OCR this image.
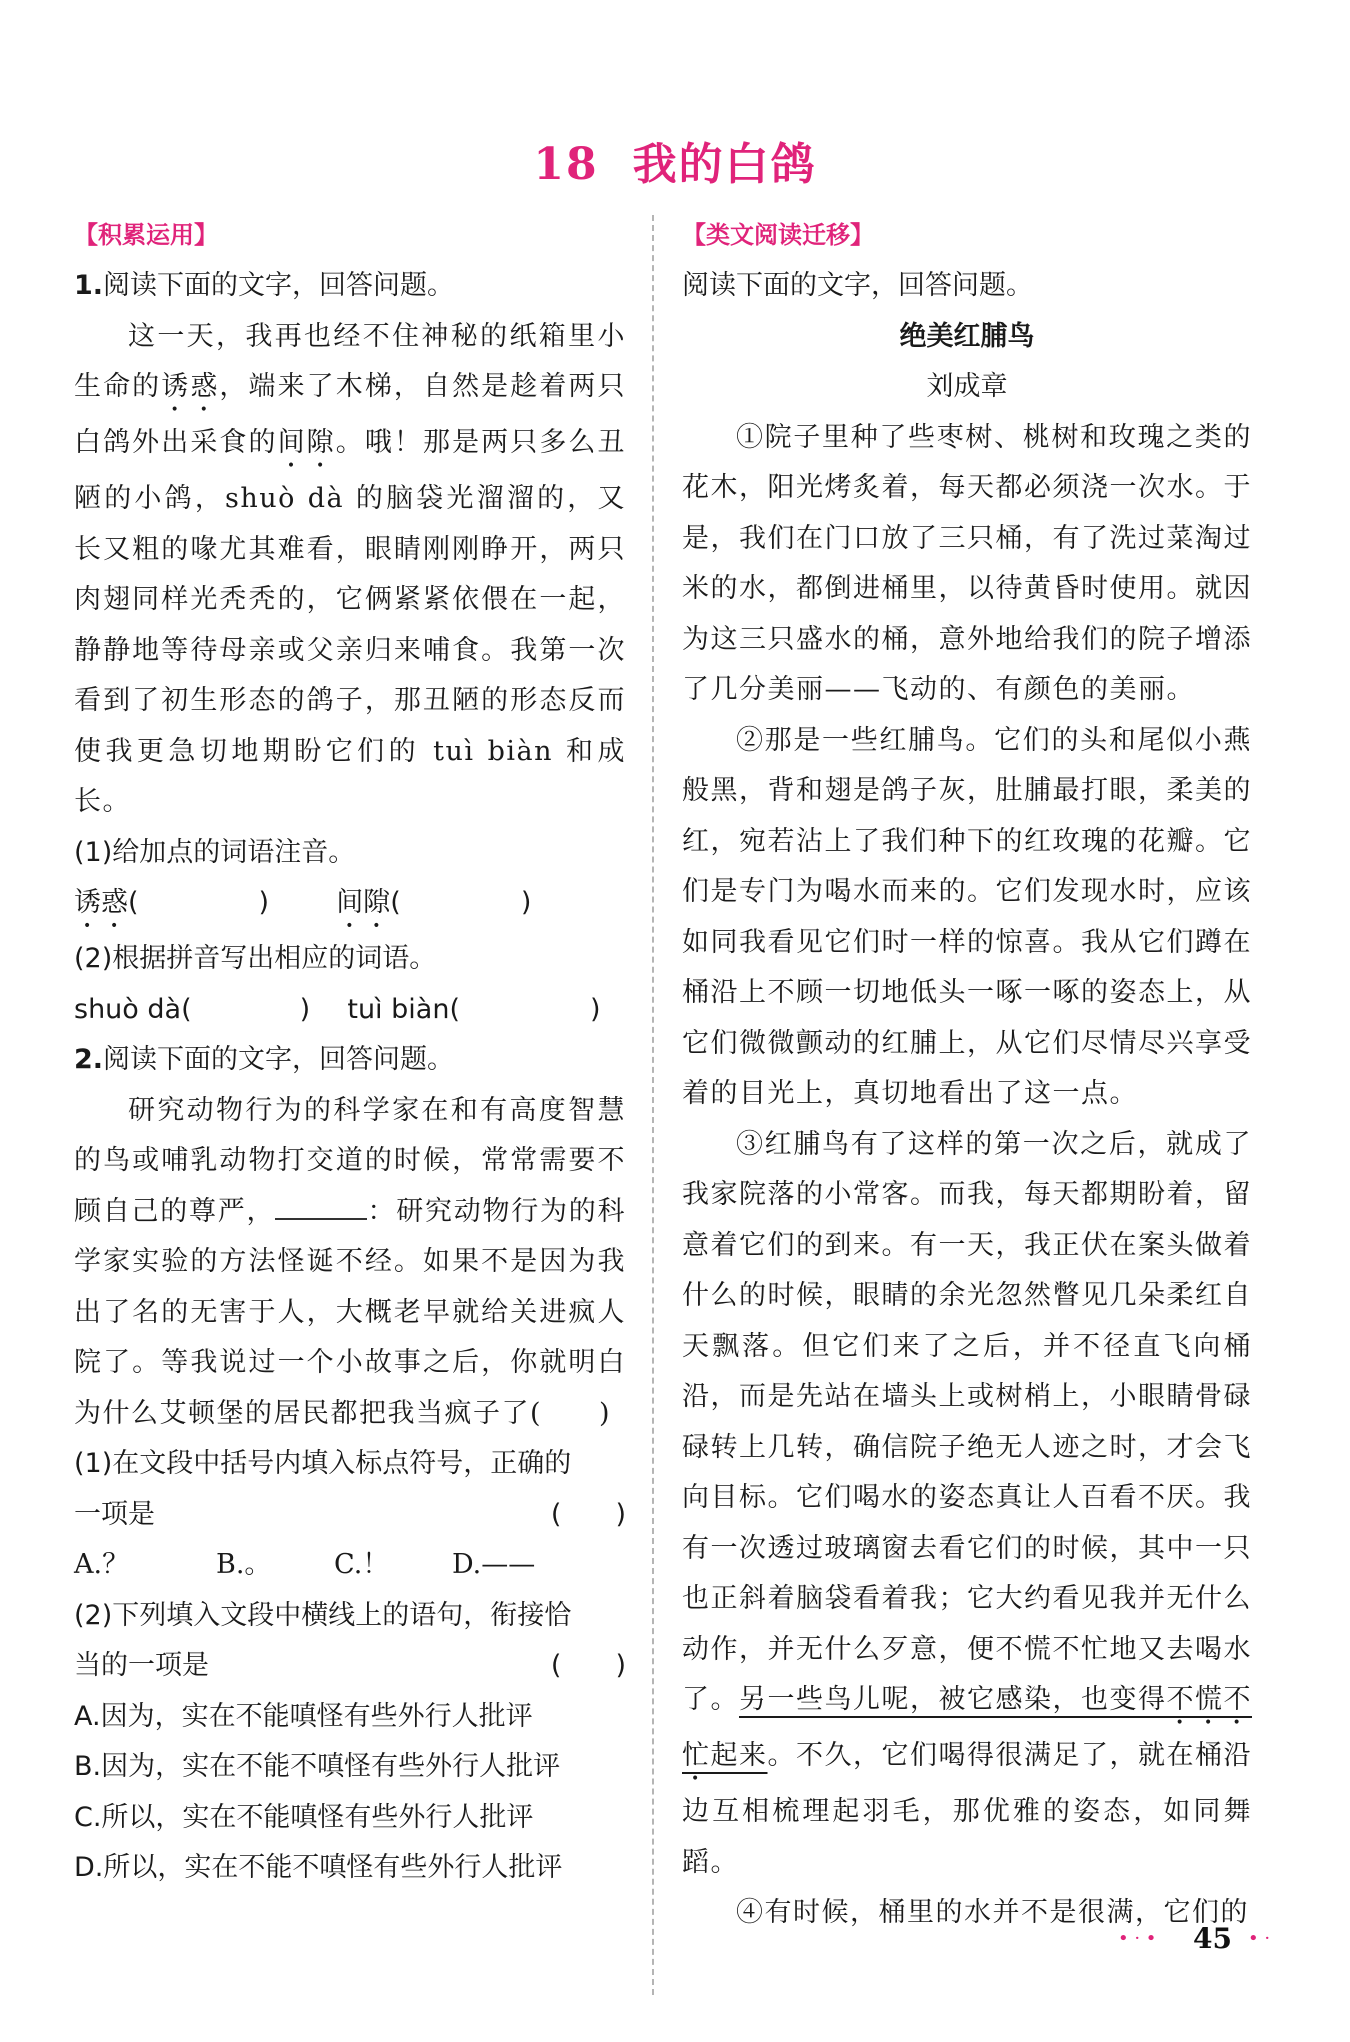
18 我的白鸽
【积累运用】

1.阅读下面的文字，回答问题。

这一天，我再也经不住神秘的纸箱里小生命的诱惑，端来了木梯，自然是趁着两只白鸽外出采食的间隙。哦！那是两只多么丑陋的小鸽，shuò dà 的脑袋光溜溜的，又长又粗的喙尤其难看，眼睛刚刚睁开，两只肉翅同样光秃秃的，它俩紧紧依偎在一起，静静地等待母亲或父亲归来哺食。我第一次看到了初生形态的鸽子，那丑陋的形态反而使我更急切地期盼它们的 tuì biàn 和成长。

(1)给加点的词语注音。

诱惑(	) 间隙(	)

(2)根据拼音写出相应的词语。

shuò dà(	) tuì biàn(	)

2.阅读下面的文字，回答问题。

研究动物行为的科学家在和有高度智慧的鸟或哺乳动物打交道的时候，常常需要不顾自己的尊严，	：研究动物行为的科学家实验的方法怪诞不经。如果不是因为我出了名的无害于人，大概老早就给关进疯人院了。等我说过一个小故事之后，你就明白为什么艾顿堡的居民都把我当疯子了(　　)

(1)在文段中括号内填入标点符号，正确的

一项是	(　　)
A.？	B.。 C.！ D.——

(2)下列填入文段中横线上的语句，衔接恰

当的一项是	(　　)

A.因为，实在不能嗔怪有些外行人批评

B.因为，实在不能不嗔怪有些外行人批评

C.所以，实在不能嗔怪有些外行人批评

D.所以，实在不能不嗔怪有些外行人批评

【类文阅读迁移】

阅读下面的文字，回答问题。

绝美红脯鸟

刘成章

①院子里种了些枣树、桃树和玫瑰之类的花木，阳光烤炙着，每天都必须浇一次水。于是，我们在门口放了三只桶，有了洗过菜淘过米的水，都倒进桶里，以待黄昏时使用。就因为这三只盛水的桶，意外地给我们的院子增添了几分美丽——飞动的、有颜色的美丽。

②那是一些红脯鸟。它们的头和尾似小燕般黑，背和翅是鸽子灰，肚脯最打眼，柔美的红，宛若沾上了我们种下的红玫瑰的花瓣。它们是专门为喝水而来的。它们发现水时，应该如同我看见它们时一样的惊喜。我从它们蹲在桶沿上不顾一切地低头一啄一啄的姿态上，从它们微微颤动的红脯上，从它们尽情尽兴享受着的目光上，真切地看出了这一点。

③红脯鸟有了这样的第一次之后，就成了我家院落的小常客。而我，每天都期盼着，留意着它们的到来。有一天，我正伏在案头做着什么的时候，眼睛的余光忽然瞥见几朵柔红自天飘落。但它们来了之后，并不径直飞向桶沿，而是先站在墙头上或树梢上，小眼睛骨碌碌转上几转，确信院子绝无人迹之时，才会飞向目标。它们喝水的姿态真让人百看不厌。我有一次透过玻璃窗去看它们的时候，其中一只也正斜着脑袋看着我；它大约看见我并无什么动作，并无什么歹意，便不慌不忙地又去喝水了。另一些鸟儿呢，被它感染，也变得不慌不忙起来。不久，它们喝得很满足了，就在桶沿边互相梳理起羽毛，那优雅的姿态，如同舞蹈。

④有时候，桶里的水并不是很满，它们的

• · •	• ·
45
